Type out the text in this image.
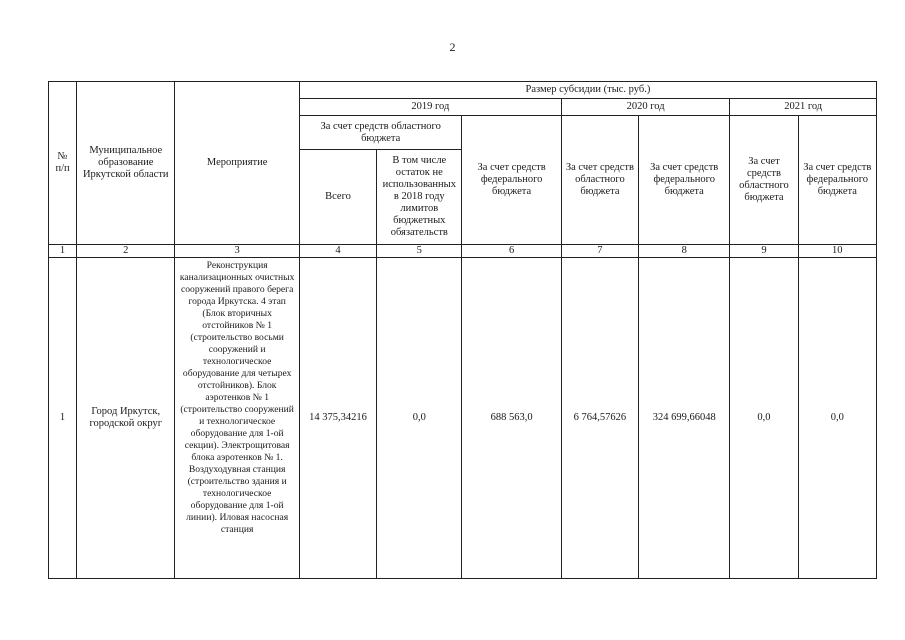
2
№
п/п	Муниципальное образование Иркутской области	Мероприятие	Размер субсидии (тыс. руб.)						
			2019 год			2020 год		2021 год	
			За счет средств областного бюджета		За счет средств федерального бюджета	За счет средств областного бюджета	За счет средств федерального бюджета	За счет средств областного бюджета	За счет средств федерального бюджета
			Всего	В том числе остаток не использованных в 2018 году лимитов бюджетных обязательств					
1	2	3	4	5	6	7	8	9	10
1	Город Иркутск, городской округ	Реконструкция канализационных очистных сооружений правого берега города Иркутска. 4 этап (Блок вторичных отстойников № 1 (строительство восьми сооружений и технологическое оборудование для четырех отстойников). Блок аэротенков № 1 (строительство сооружений и технологическое оборудование для 1-ой секции). Электрощитовая блока аэротенков № 1. Воздуходувная станция (строительство здания и технологическое оборудование для 1-ой линии). Иловая насосная станция	14 375,34216	0,0	688 563,0	6 764,57626	324 699,66048	0,0	0,0
